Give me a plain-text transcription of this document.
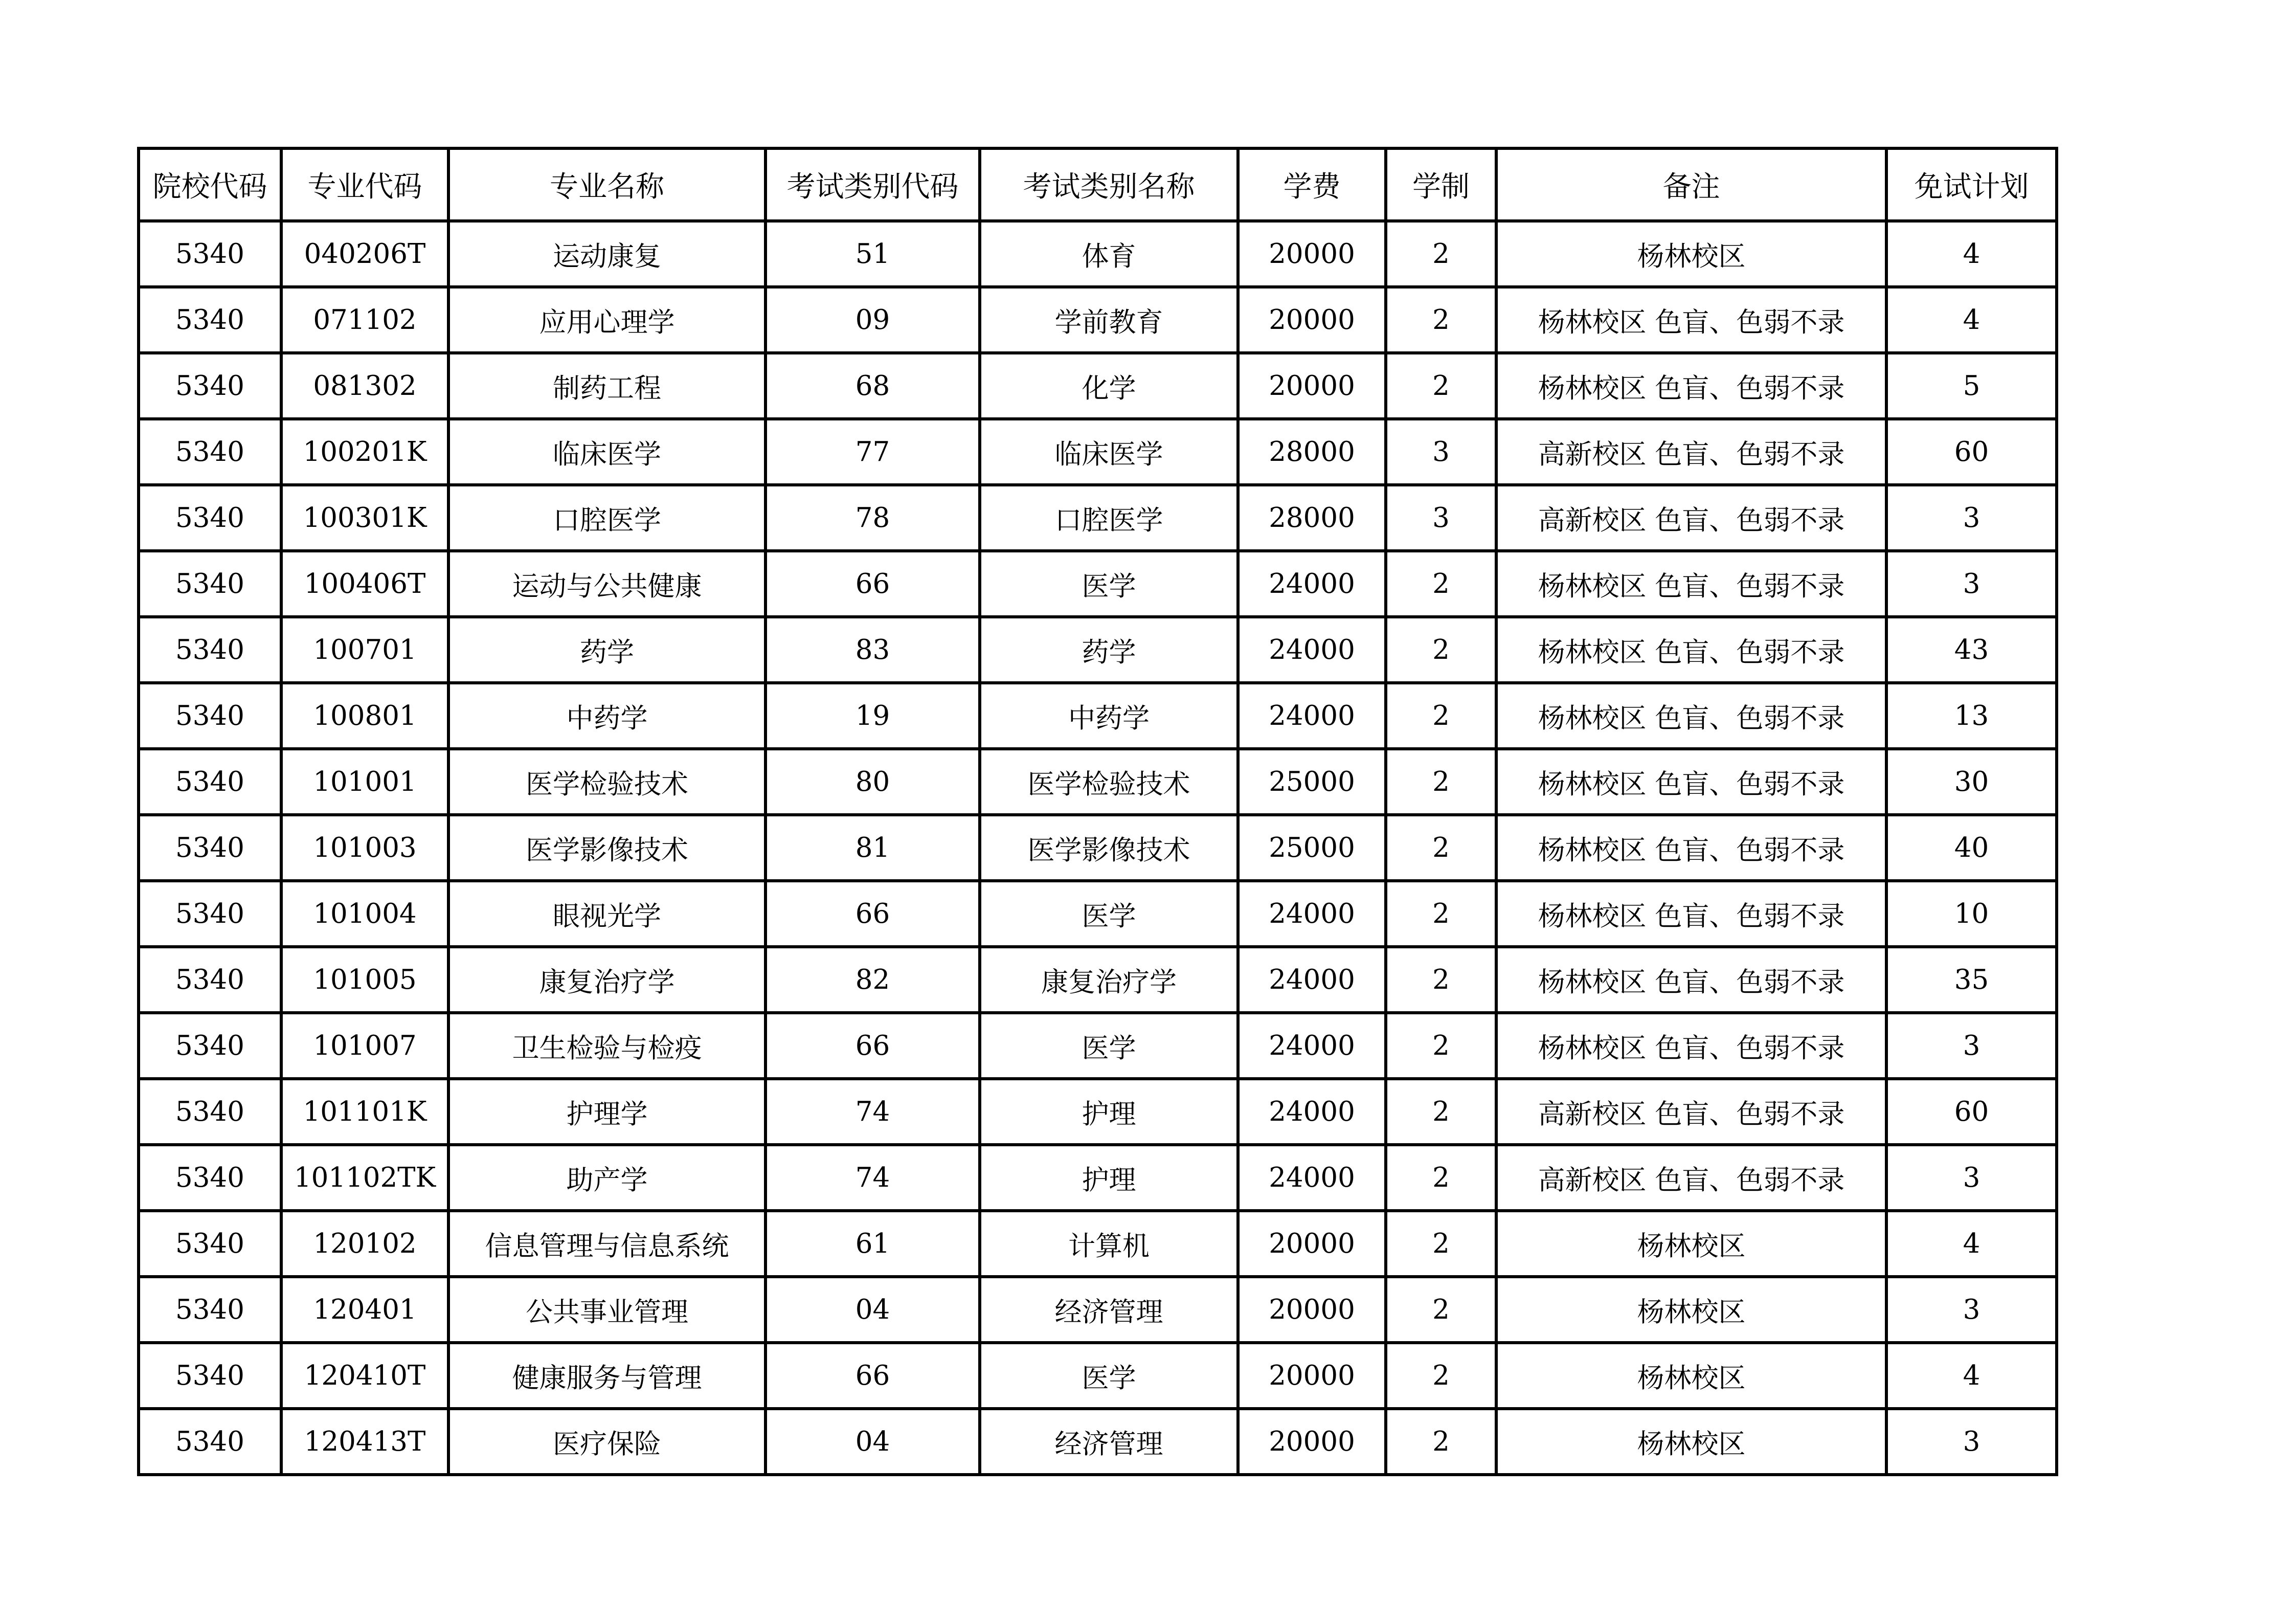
院校代码	专业代码	专业名称	考试类别代码	考试类别名称	学费	学制	备注	免试计划
5340	040206T	运动康复	51	体育	20000	2	杨林校区	4
5340	071102	应用心理学	09	学前教育	20000	2	杨林校区 色盲、色弱不录	4
5340	081302	制药工程	68	化学	20000	2	杨林校区 色盲、色弱不录	5
5340	100201K	临床医学	77	临床医学	28000	3	高新校区 色盲、色弱不录	60
5340	100301K	口腔医学	78	口腔医学	28000	3	高新校区 色盲、色弱不录	3
5340	100406T	运动与公共健康	66	医学	24000	2	杨林校区 色盲、色弱不录	3
5340	100701	药学	83	药学	24000	2	杨林校区 色盲、色弱不录	43
5340	100801	中药学	19	中药学	24000	2	杨林校区 色盲、色弱不录	13
5340	101001	医学检验技术	80	医学检验技术	25000	2	杨林校区 色盲、色弱不录	30
5340	101003	医学影像技术	81	医学影像技术	25000	2	杨林校区 色盲、色弱不录	40
5340	101004	眼视光学	66	医学	24000	2	杨林校区 色盲、色弱不录	10
5340	101005	康复治疗学	82	康复治疗学	24000	2	杨林校区 色盲、色弱不录	35
5340	101007	卫生检验与检疫	66	医学	24000	2	杨林校区 色盲、色弱不录	3
5340	101101K	护理学	74	护理	24000	2	高新校区 色盲、色弱不录	60
5340	101102TK	助产学	74	护理	24000	2	高新校区 色盲、色弱不录	3
5340	120102	信息管理与信息系统	61	计算机	20000	2	杨林校区	4
5340	120401	公共事业管理	04	经济管理	20000	2	杨林校区	3
5340	120410T	健康服务与管理	66	医学	20000	2	杨林校区	4
5340	120413T	医疗保险	04	经济管理	20000	2	杨林校区	3
